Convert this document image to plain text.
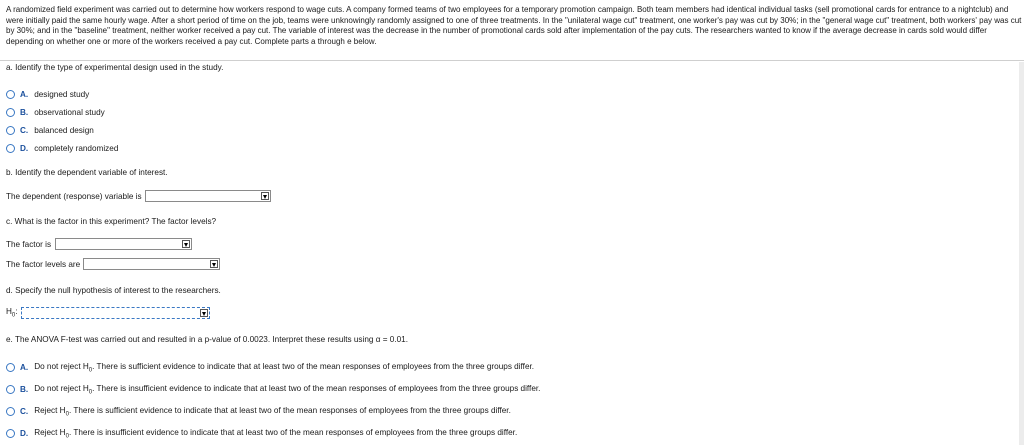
A randomized field experiment was carried out to determine how workers respond to wage cuts. A company formed teams of two employees for a temporary promotion campaign. Both team members had identical individual tasks (sell promotional cards for entrance to a nightclub) and were initially paid the same hourly wage. After a short period of time on the job, teams were unknowingly randomly assigned to one of three treatments. In the "unilateral wage cut" treatment, one worker's pay was cut by 30%; in the "general wage cut" treatment, both workers' pay was cut by 30%; and in the "baseline" treatment, neither worker received a pay cut. The variable of interest was the decrease in the number of promotional cards sold after implementation of the pay cuts. The researchers wanted to know if the average decrease in cards sold would differ depending on whether one or more of the workers received a pay cut. Complete parts a through e below.
a. Identify the type of experimental design used in the study.
A. designed study
B. observational study
C. balanced design
D. completely randomized
b. Identify the dependent variable of interest.
The dependent (response) variable is
c. What is the factor in this experiment? The factor levels?
The factor is
The factor levels are
d. Specify the null hypothesis of interest to the researchers.
$H_0$:
e. The ANOVA F-test was carried out and resulted in a p-value of 0.0023. Interpret these results using α = 0.01.
A. Do not reject $H_0$. There is sufficient evidence to indicate that at least two of the mean responses of employees from the three groups differ.
B. Do not reject $H_0$. There is insufficient evidence to indicate that at least two of the mean responses of employees from the three groups differ.
C. Reject $H_0$. There is sufficient evidence to indicate that at least two of the mean responses of employees from the three groups differ.
D. Reject $H_0$. There is insufficient evidence to indicate that at least two of the mean responses of employees from the three groups differ.
